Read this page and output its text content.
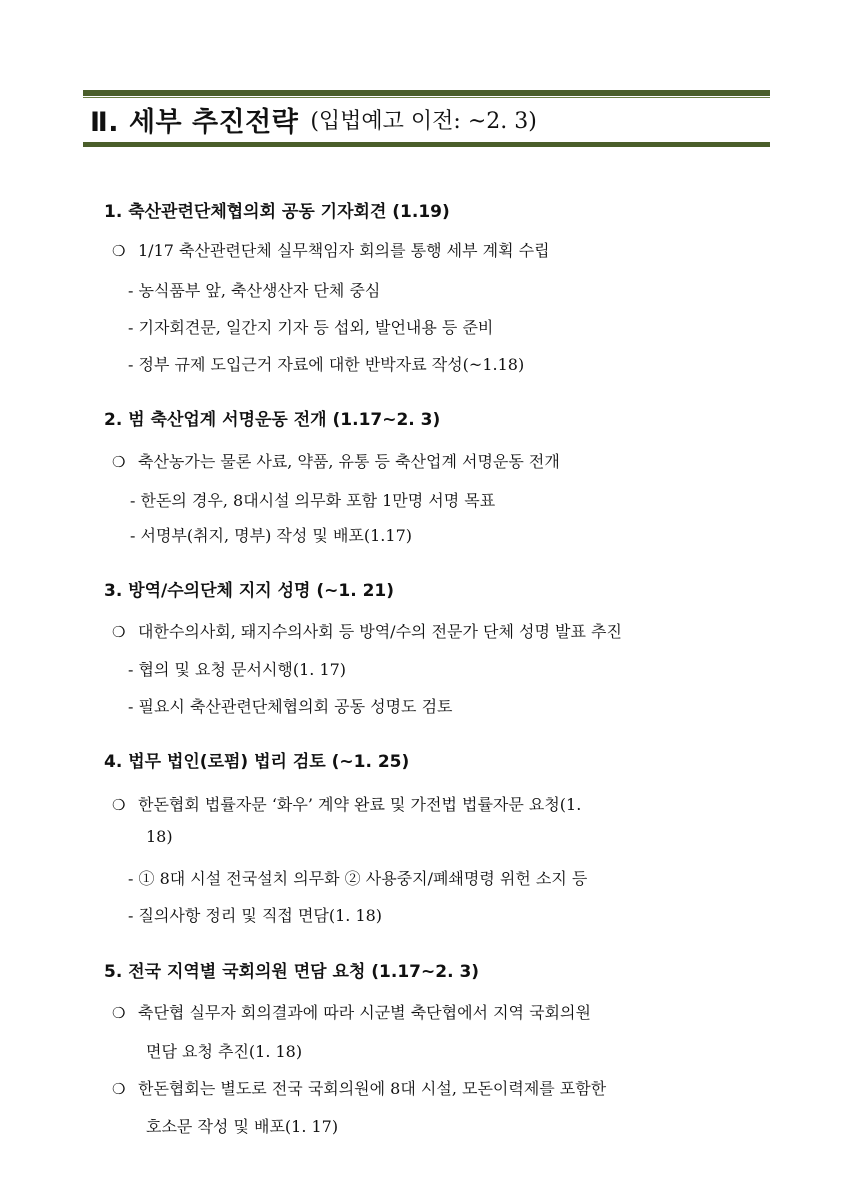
Ⅱ. 세부 추진전략 (입법예고 이전: ~2. 3)
1. 축산관련단체협의회 공동 기자회견 (1.19)
❍ 1/17 축산관련단체 실무책임자 회의를 통행 세부 계획 수립
- 농식품부 앞, 축산생산자 단체 중심
- 기자회견문, 일간지 기자 등 섭외, 발언내용 등 준비
- 정부 규제 도입근거 자료에 대한 반박자료 작성(~1.18)
2. 범 축산업계 서명운동 전개 (1.17~2. 3)
❍ 축산농가는 물론 사료, 약품, 유통 등 축산업계 서명운동 전개
- 한돈의 경우, 8대시설 의무화 포함 1만명 서명 목표
- 서명부(취지, 명부) 작성 및 배포(1.17)
3. 방역/수의단체 지지 성명 (~1. 21)
❍ 대한수의사회, 돼지수의사회 등 방역/수의 전문가 단체 성명 발표 추진
- 협의 및 요청 문서시행(1. 17)
- 필요시 축산관련단체협의회 공동 성명도 검토
4. 법무 법인(로펌) 법리 검토 (~1. 25)
❍ 한돈협회 법률자문 ‘화우’ 계약 완료 및 가전법 법률자문 요청(1.
18)
- ① 8대 시설 전국설치 의무화 ② 사용중지/폐쇄명령 위헌 소지 등
- 질의사항 정리 및 직접 면담(1. 18)
5. 전국 지역별 국회의원 면담 요청 (1.17~2. 3)
❍ 축단협 실무자 회의결과에 따라 시군별 축단협에서 지역 국회의원
면담 요청 추진(1. 18)
❍ 한돈협회는 별도로 전국 국회의원에 8대 시설, 모돈이력제를 포함한
호소문 작성 및 배포(1. 17)
